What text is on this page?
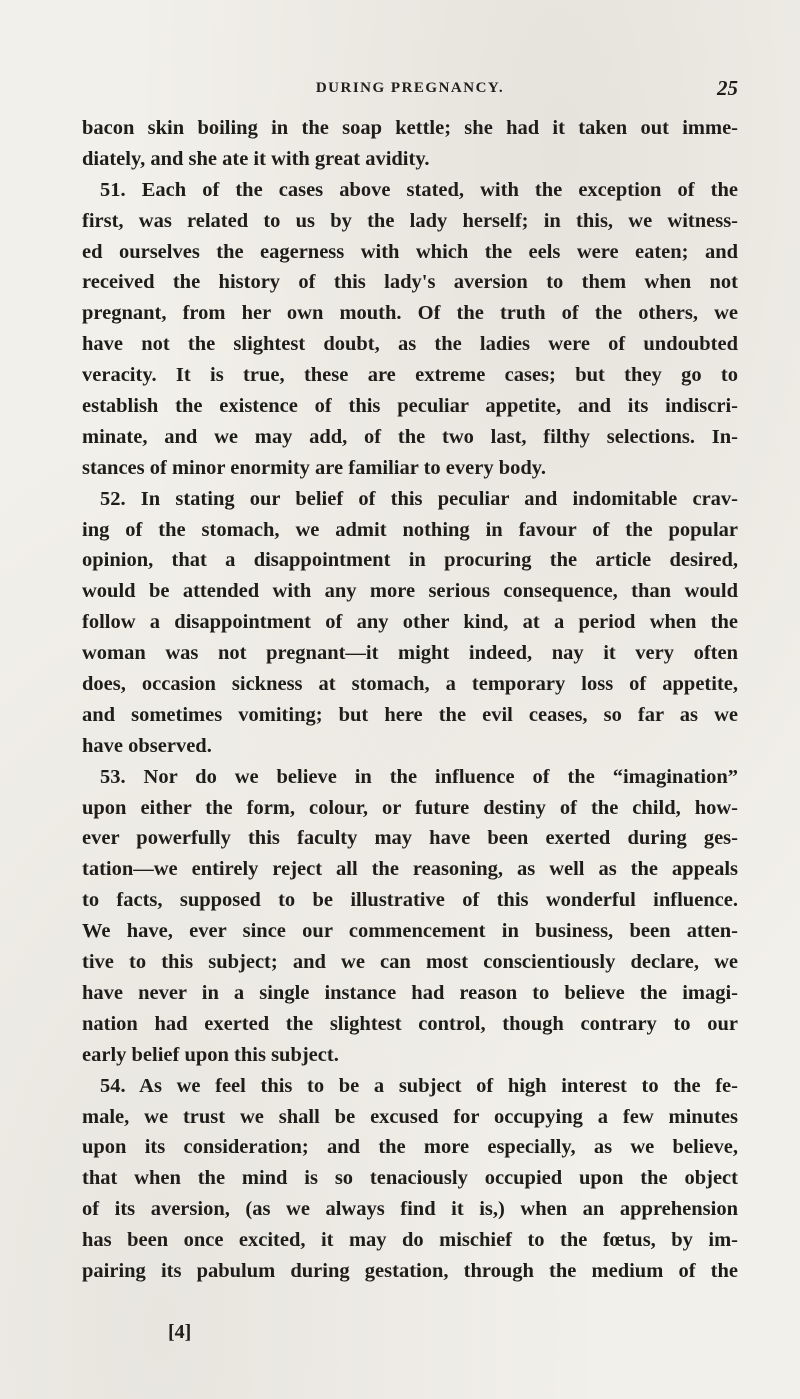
DURING PREGNANCY.	25
bacon skin boiling in the soap kettle; she had it taken out imme-
diately, and she ate it with great avidity.
51. Each of the cases above stated, with the exception of the
first, was related to us by the lady herself; in this, we witness-
ed ourselves the eagerness with which the eels were eaten; and
received the history of this lady's aversion to them when not
pregnant, from her own mouth. Of the truth of the others, we
have not the slightest doubt, as the ladies were of undoubted
veracity. It is true, these are extreme cases; but they go to
establish the existence of this peculiar appetite, and its indiscri-
minate, and we may add, of the two last, filthy selections. In-
stances of minor enormity are familiar to every body.
52. In stating our belief of this peculiar and indomitable crav-
ing of the stomach, we admit nothing in favour of the popular
opinion, that a disappointment in procuring the article desired,
would be attended with any more serious consequence, than would
follow a disappointment of any other kind, at a period when the
woman was not pregnant—it might indeed, nay it very often
does, occasion sickness at stomach, a temporary loss of appetite,
and sometimes vomiting; but here the evil ceases, so far as we
have observed.
53. Nor do we believe in the influence of the “imagination”
upon either the form, colour, or future destiny of the child, how-
ever powerfully this faculty may have been exerted during ges-
tation—we entirely reject all the reasoning, as well as the appeals
to facts, supposed to be illustrative of this wonderful influence.
We have, ever since our commencement in business, been atten-
tive to this subject; and we can most conscientiously declare, we
have never in a single instance had reason to believe the imagi-
nation had exerted the slightest control, though contrary to our
early belief upon this subject.
54. As we feel this to be a subject of high interest to the fe-
male, we trust we shall be excused for occupying a few minutes
upon its consideration; and the more especially, as we believe,
that when the mind is so tenaciously occupied upon the object
of its aversion, (as we always find it is,) when an apprehension
has been once excited, it may do mischief to the fœtus, by im-
pairing its pabulum during gestation, through the medium of the
[4]
